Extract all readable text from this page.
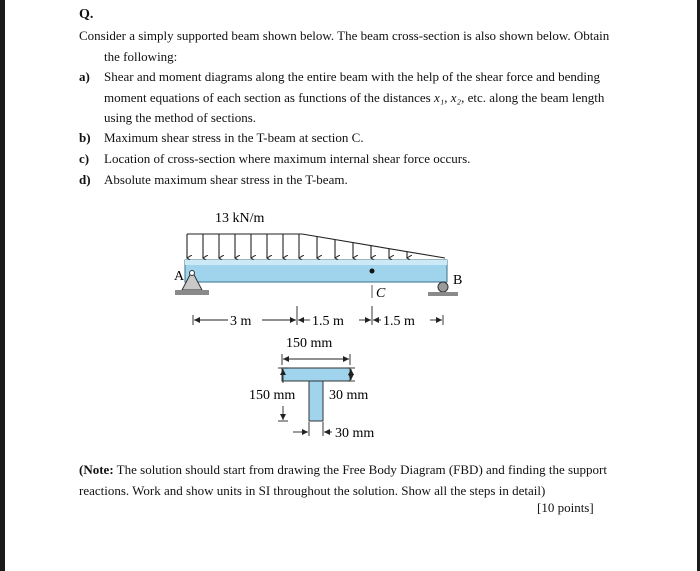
Q.
Consider a simply supported beam shown below. The beam cross-section is also shown below. Obtain
the following:
a) Shear and moment diagrams along the entire beam with the help of the shear force and bending
moment equations of each section as functions of the distances x₁, x₂, etc. along the beam length
using the method of sections.
b) Maximum shear stress in the T-beam at section C.
c) Location of cross-section where maximum internal shear force occurs.
d) Absolute maximum shear stress in the T-beam.
13 kN/m
A	B
C
3 m	1.5 m	1.5 m
150 mm
150 mm 30 mm
30 mm
(Note: The solution should start from drawing the Free Body Diagram (FBD) and finding the support reactions. Work and show units in SI throughout the solution. Show all the steps in detail)
[10 points]
